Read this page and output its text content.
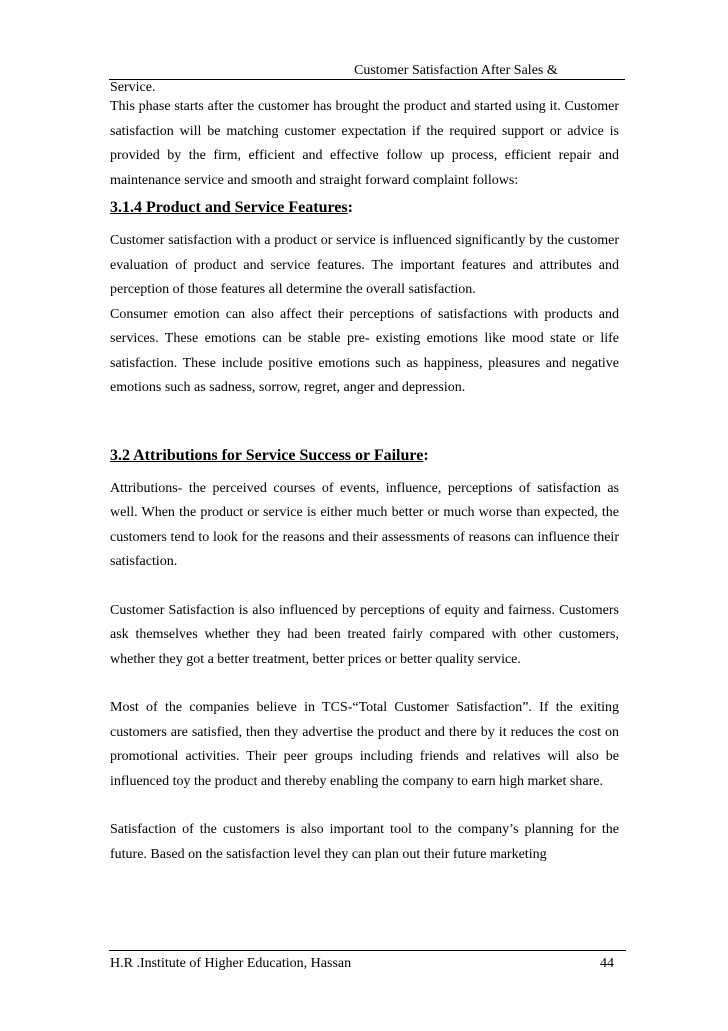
Customer Satisfaction After Sales &
Service.

This phase starts after the customer has brought the product and started using it. Customer satisfaction will be matching customer expectation if the required support or advice is provided by the firm, efficient and effective follow up process, efficient repair and maintenance service and smooth and straight forward complaint follows:

3.1.4 Product and Service Features:

Customer satisfaction with a product or service is influenced significantly by the customer evaluation of product and service features. The important features and attributes and perception of those features all determine the overall satisfaction.

Consumer emotion can also affect their perceptions of satisfactions with products and services. These emotions can be stable pre- existing emotions like mood state or life satisfaction. These include positive emotions such as happiness, pleasures and negative emotions such as sadness, sorrow, regret, anger and depression.

3.2 Attributions for Service Success or Failure:

Attributions- the perceived courses of events, influence, perceptions of satisfaction as well. When the product or service is either much better or much worse than expected, the customers tend to look for the reasons and their assessments of reasons can influence their satisfaction.

Customer Satisfaction is also influenced by perceptions of equity and fairness. Customers ask themselves whether they had been treated fairly compared with other customers, whether they got a better treatment, better prices or better quality service.

Most of the companies believe in TCS-“Total Customer Satisfaction”. If the exiting customers are satisfied, then they advertise the product and there by it reduces the cost on promotional activities. Their peer groups including friends and relatives will also be influenced toy the product and thereby enabling the company to earn high market share.

Satisfaction of the customers is also important tool to the company’s planning for the future. Based on the satisfaction level they can plan out their future marketing

H.R .Institute of Higher Education, Hassan	44
